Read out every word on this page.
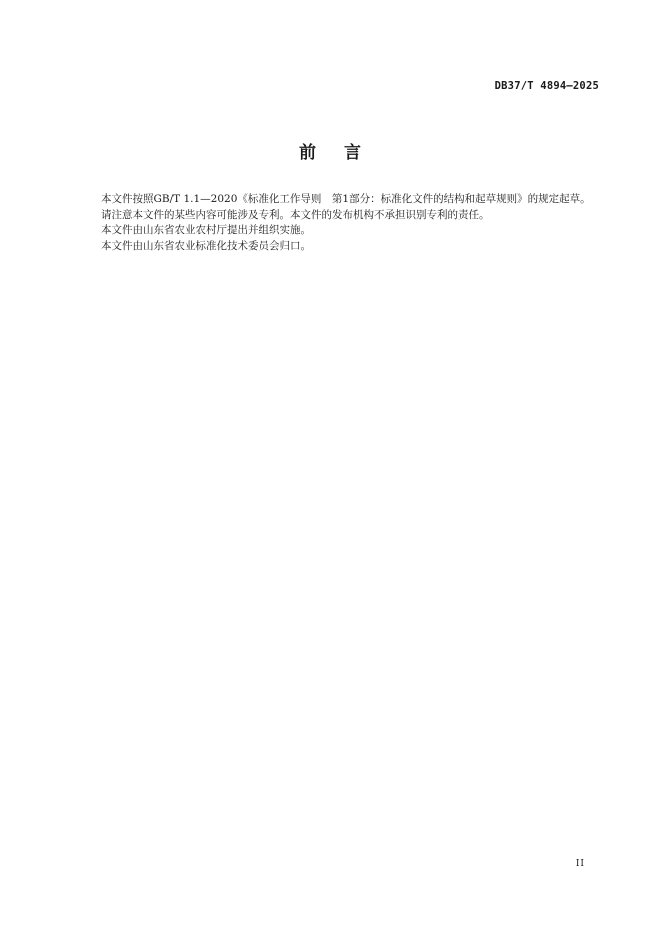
DB37/T 4894—2025
前 言

本文件按照GB/T 1.1—2020《标准化工作导则　第1部分：标准化文件的结构和起草规则》的规定起草。

请注意本文件的某些内容可能涉及专利。本文件的发布机构不承担识别专利的责任。

本文件由山东省农业农村厅提出并组织实施。

本文件由山东省农业标准化技术委员会归口。

II
